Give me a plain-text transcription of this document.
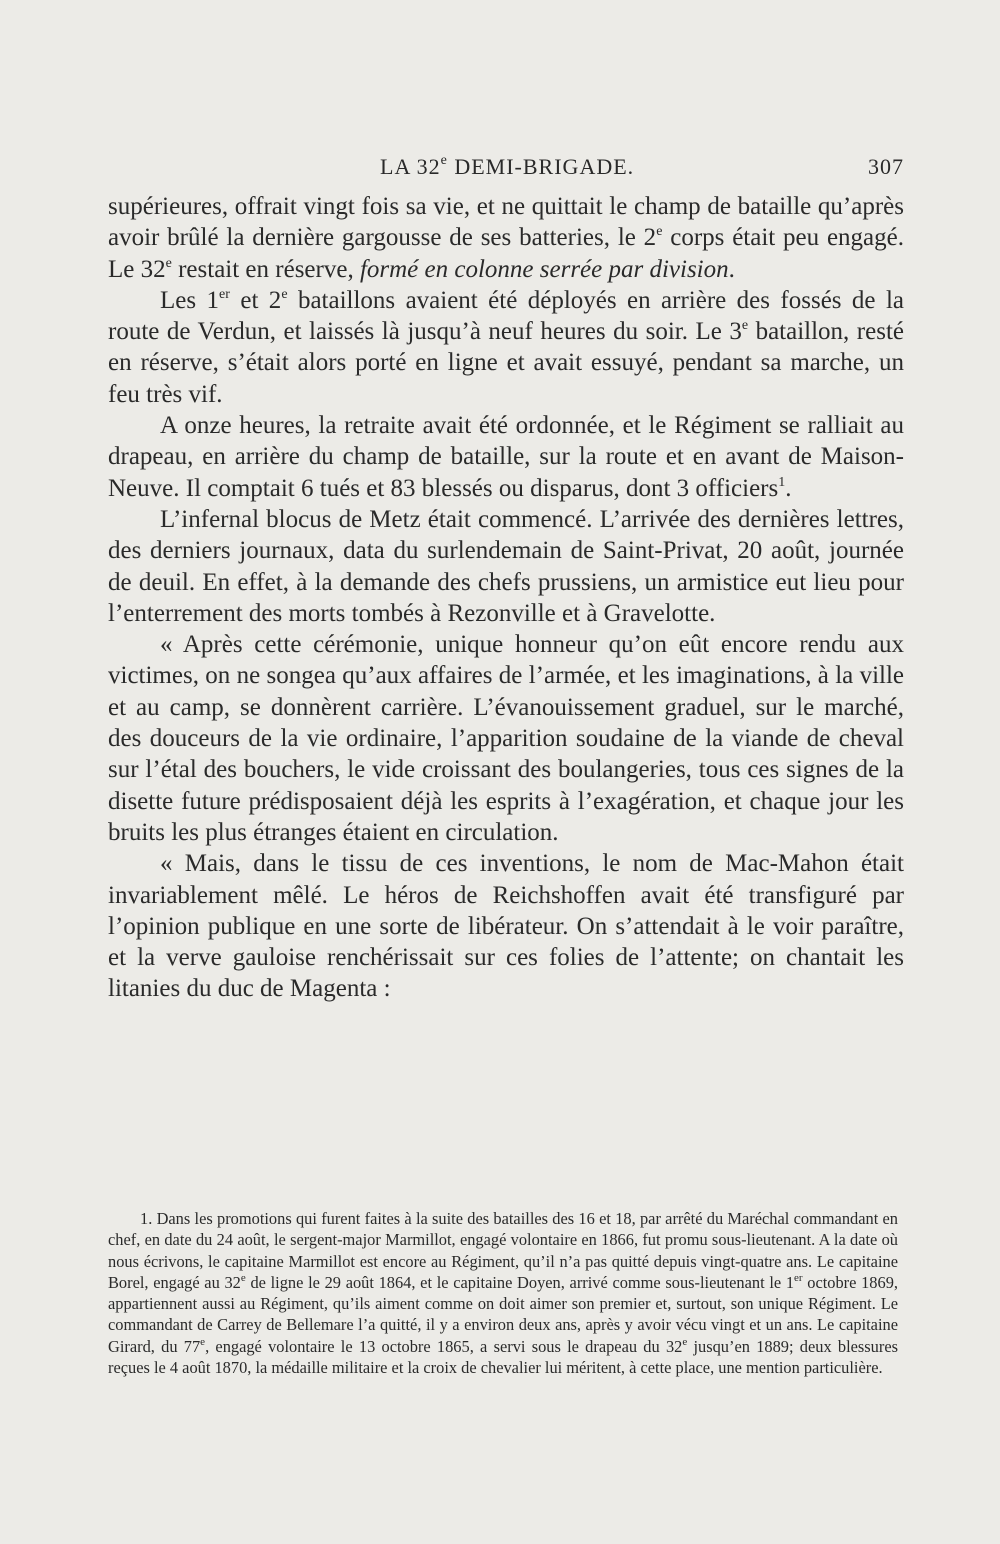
LA 32e DEMI-BRIGADE.	307

supérieures, offrait vingt fois sa vie, et ne quittait le champ de bataille qu’après avoir brûlé la dernière gargousse de ses batteries, le 2e corps était peu engagé. Le 32e restait en réserve, formé en colonne serrée par division.

Les 1er et 2e bataillons avaient été déployés en arrière des fossés de la route de Verdun, et laissés là jusqu’à neuf heures du soir. Le 3e bataillon, resté en réserve, s’était alors porté en ligne et avait essuyé, pendant sa marche, un feu très vif.

A onze heures, la retraite avait été ordonnée, et le Régiment se ralliait au drapeau, en arrière du champ de bataille, sur la route et en avant de Maison-Neuve. Il comptait 6 tués et 83 blessés ou disparus, dont 3 officiers$^1$.

L’infernal blocus de Metz était commencé. L’arrivée des dernières lettres, des derniers journaux, data du surlendemain de Saint-Privat, 20 août, journée de deuil. En effet, à la demande des chefs prussiens, un armistice eut lieu pour l’enterrement des morts tombés à Rezonville et à Gravelotte.

« Après cette cérémonie, unique honneur qu’on eût encore rendu aux victimes, on ne songea qu’aux affaires de l’armée, et les imaginations, à la ville et au camp, se donnèrent carrière. L’évanouissement graduel, sur le marché, des douceurs de la vie ordinaire, l’apparition soudaine de la viande de cheval sur l’étal des bouchers, le vide croissant des boulangeries, tous ces signes de la disette future prédisposaient déjà les esprits à l’exagération, et chaque jour les bruits les plus étranges étaient en circulation.

« Mais, dans le tissu de ces inventions, le nom de Mac-Mahon était invariablement mêlé. Le héros de Reichshoffen avait été transfiguré par l’opinion publique en une sorte de libérateur. On s’attendait à le voir paraître, et la verve gauloise renchérissait sur ces folies de l’attente; on chantait les litanies du duc de Magenta :

1. Dans les promotions qui furent faites à la suite des batailles des 16 et 18, par arrêté du Maréchal commandant en chef, en date du 24 août, le sergent-major Marmillot, engagé volontaire en 1866, fut promu sous-lieutenant. A la date où nous écrivons, le capitaine Marmillot est encore au Régiment, qu’il n’a pas quitté depuis vingt-quatre ans. Le capitaine Borel, engagé au 32e de ligne le 29 août 1864, et le capitaine Doyen, arrivé comme sous-lieutenant le 1er octobre 1869, appartiennent aussi au Régiment, qu’ils aiment comme on doit aimer son premier et, surtout, son unique Régiment. Le commandant de Carrey de Bellemare l’a quitté, il y a environ deux ans, après y avoir vécu vingt et un ans. Le capitaine Girard, du 77e, engagé volontaire le 13 octobre 1865, a servi sous le drapeau du 32e jusqu’en 1889; deux blessures reçues le 4 août 1870, la médaille militaire et la croix de chevalier lui méritent, à cette place, une mention particulière.
